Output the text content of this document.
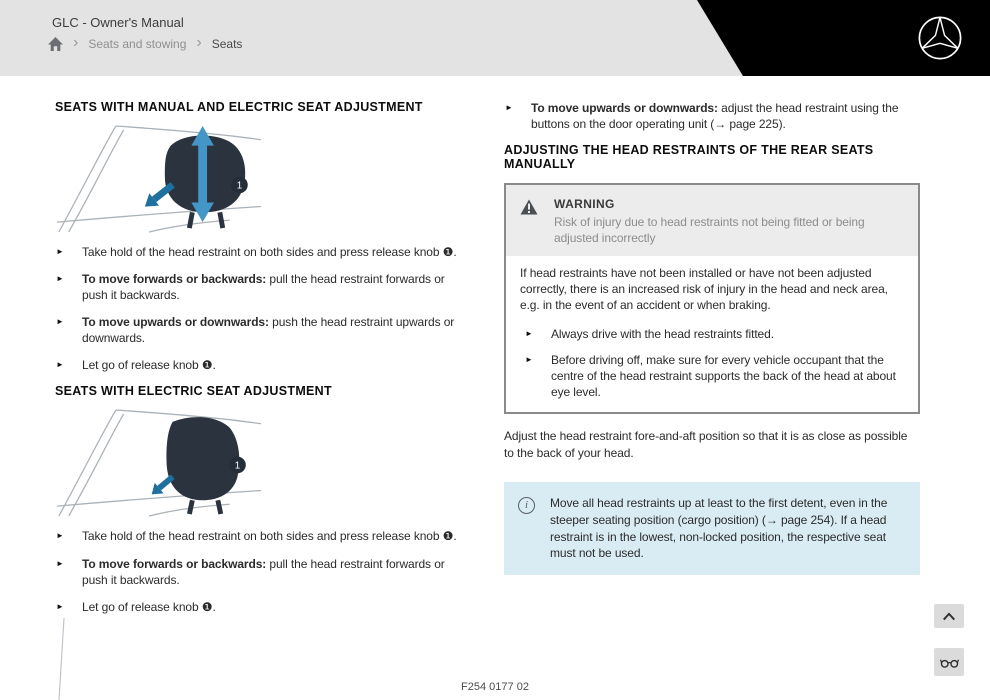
GLC - Owner's Manual
› Seats and stowing › Seats
SEATS WITH MANUAL AND ELECTRIC SEAT ADJUSTMENT
1
►	Take hold of the head restraint on both sides and press release knob ❶.

►	To move forwards or backwards: pull the head restraint forwards or push it backwards.

►	To move upwards or downwards: push the head restraint upwards or downwards.

►	Let go of release knob ❶.

SEATS WITH ELECTRIC SEAT ADJUSTMENT
1
►	Take hold of the head restraint on both sides and press release knob ❶.

►	To move forwards or backwards: pull the head restraint forwards or push it backwards.

►	Let go of release knob ❶.

►	To move upwards or downwards: adjust the head restraint using the buttons on the door operating unit (→ page 225).

ADJUSTING THE HEAD RESTRAINTS OF THE REAR SEATS MANUALLY
WARNING
Risk of injury due to head restraints not being fitted or being adjusted incorrectly

If head restraints have not been installed or have not been adjusted correctly, there is an increased risk of injury in the head and neck area, e.g. in the event of an accident or when braking.

►	Always drive with the head restraints fitted.

►	Before driving off, make sure for every vehicle occupant that the centre of the head restraint supports the back of the head at about eye level.

Adjust the head restraint fore-and-aft position so that it is as close as possible to the back of your head.

i	Move all head restraints up at least to the first detent, even in the steeper seating position (cargo position) (→ page 254). If a head restraint is in the lowest, non-locked position, the respective seat must not be used.

F254 0177 02
